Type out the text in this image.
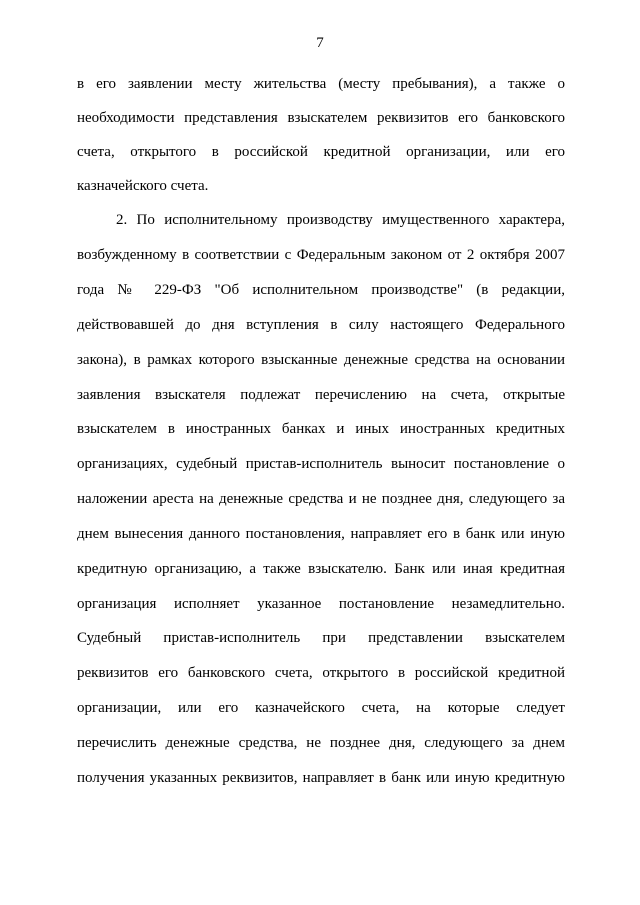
7
в его заявлении месту жительства (месту пребывания), а также о
необходимости представления взыскателем реквизитов его банковского
счета, открытого в российской кредитной организации, или его
казначейского счета.
2. По исполнительному производству имущественного характера,
возбужденному в соответствии с Федеральным законом от 2 октября 2007
года № 229-ФЗ "Об исполнительном производстве" (в редакции,
действовавшей до дня вступления в силу настоящего Федерального
закона), в рамках которого взысканные денежные средства на основании
заявления взыскателя подлежат перечислению на счета, открытые
взыскателем в иностранных банках и иных иностранных кредитных
организациях, судебный пристав-исполнитель выносит постановление о
наложении ареста на денежные средства и не позднее дня, следующего за
днем вынесения данного постановления, направляет его в банк или иную
кредитную организацию, а также взыскателю. Банк или иная кредитная
организация исполняет указанное постановление незамедлительно.
Судебный пристав-исполнитель при представлении взыскателем
реквизитов его банковского счета, открытого в российской кредитной
организации, или его казначейского счета, на которые следует
перечислить денежные средства, не позднее дня, следующего за днем
получения указанных реквизитов, направляет в банк или иную кредитную
